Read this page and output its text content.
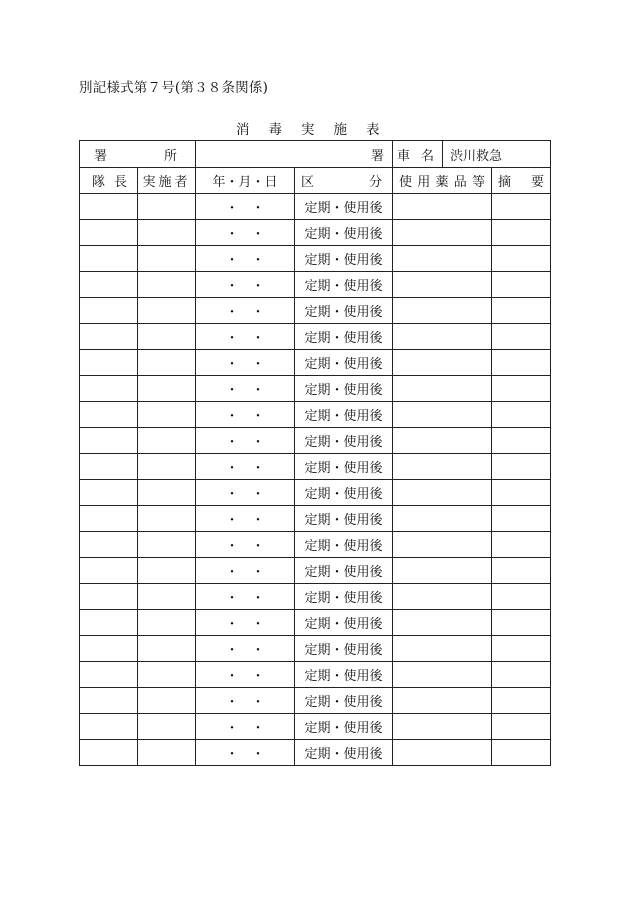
別記様式第７号(第３８条関係)
消毒実施表
署 所		署		車 名 渋川救急	

隊 長	実施者	年・月・日	区 分	使 用 薬 品 等	摘 要

		・　・	定期・使用後		
		・　・	定期・使用後		
		・　・	定期・使用後		
		・　・	定期・使用後		
		・　・	定期・使用後		
		・　・	定期・使用後		
		・　・	定期・使用後		
		・　・	定期・使用後		
		・　・	定期・使用後		
		・　・	定期・使用後		
		・　・	定期・使用後		
		・　・	定期・使用後		
		・　・	定期・使用後		
		・　・	定期・使用後		
		・　・	定期・使用後		
		・　・	定期・使用後		
		・　・	定期・使用後		
		・　・	定期・使用後		
		・　・	定期・使用後		
		・　・	定期・使用後		
		・　・	定期・使用後		
		・　・	定期・使用後		
